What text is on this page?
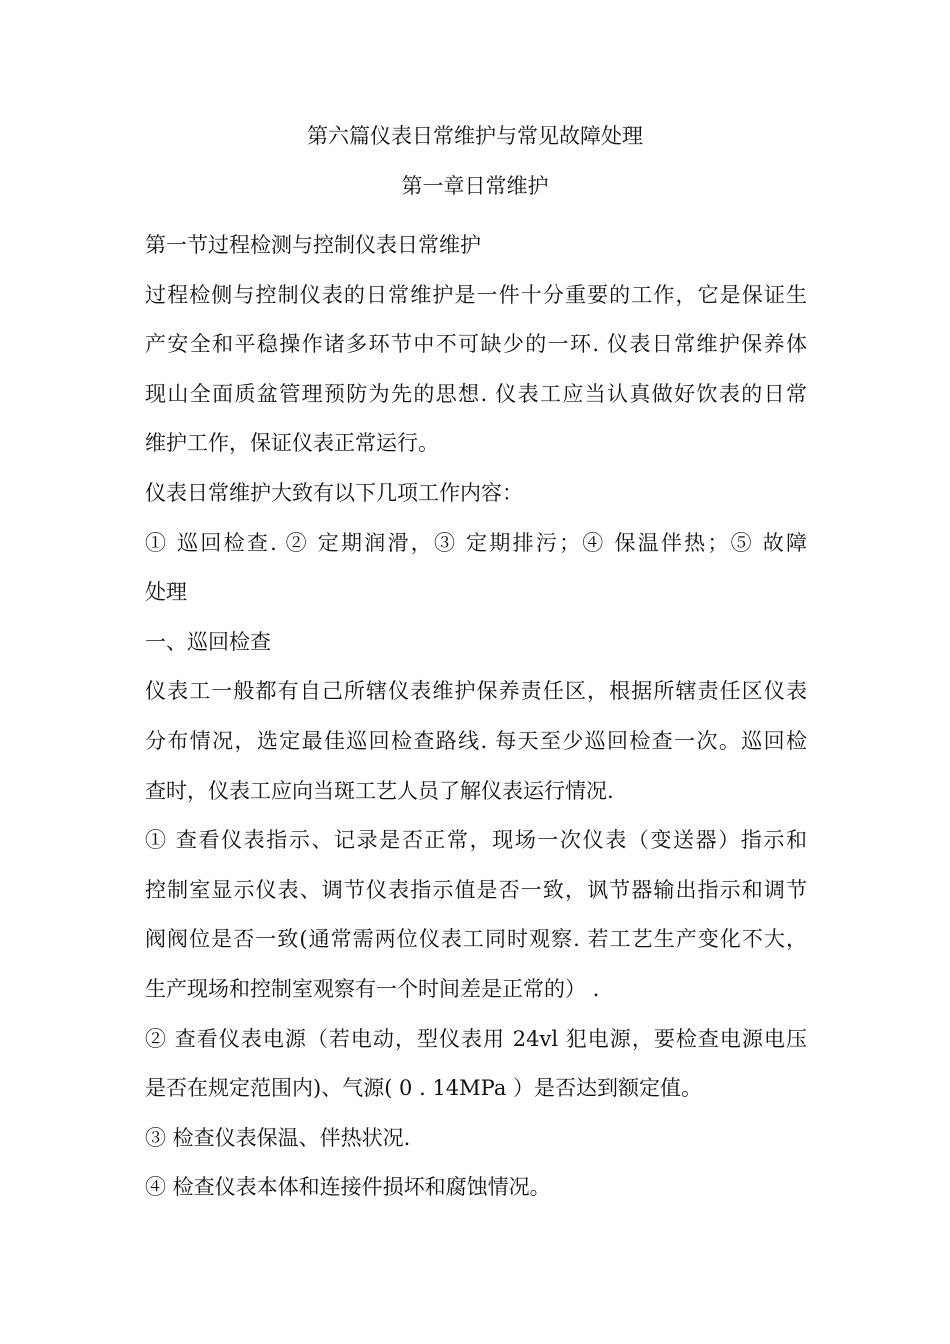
第六篇仪表日常维护与常见故障处理
第一章日常维护

第一节过程检测与控制仪表日常维护

过程检侧与控制仪表的日常维护是一件十分重要的工作，它是保证生
产安全和平稳操作诸多环节中不可缺少的一环. 仪表日常维护保养体
现山全面质盆管理预防为先的思想. 仪表工应当认真做好饮表的日常
维护工作，保证仪表正常运行。

仪表日常维护大致有以下几项工作内容：

① 巡回检查. ② 定期润滑，③ 定期排污；④ 保温伴热；⑤ 故障
处理

一、巡回检查

仪表工一般都有自己所辖仪表维护保养责任区，根据所辖责任区仪表
分布情况，选定最佳巡回检查路线. 每天至少巡回检查一次。巡回检
查时，仪表工应向当斑工艺人员了解仪表运行情况.

① 查看仪表指示、记录是否正常，现场一次仪表（变送器）指示和
控制室显示仪表、调节仪表指示值是否一致，讽节器输出指示和调节
阀阀位是否一致(通常需两位仪表工同时观察. 若工艺生产变化不大，
生产现场和控制室观察有一个时间差是正常的） .

② 查看仪表电源（若电动，型仪表用 24vl 犯电源，要检查电源电压
是否在规定范围内)、气源( 0 . 14MPa ）是否达到额定值。

③ 检查仪表保温、伴热状况.

④ 检查仪表本体和连接件损坏和腐蚀情况。
